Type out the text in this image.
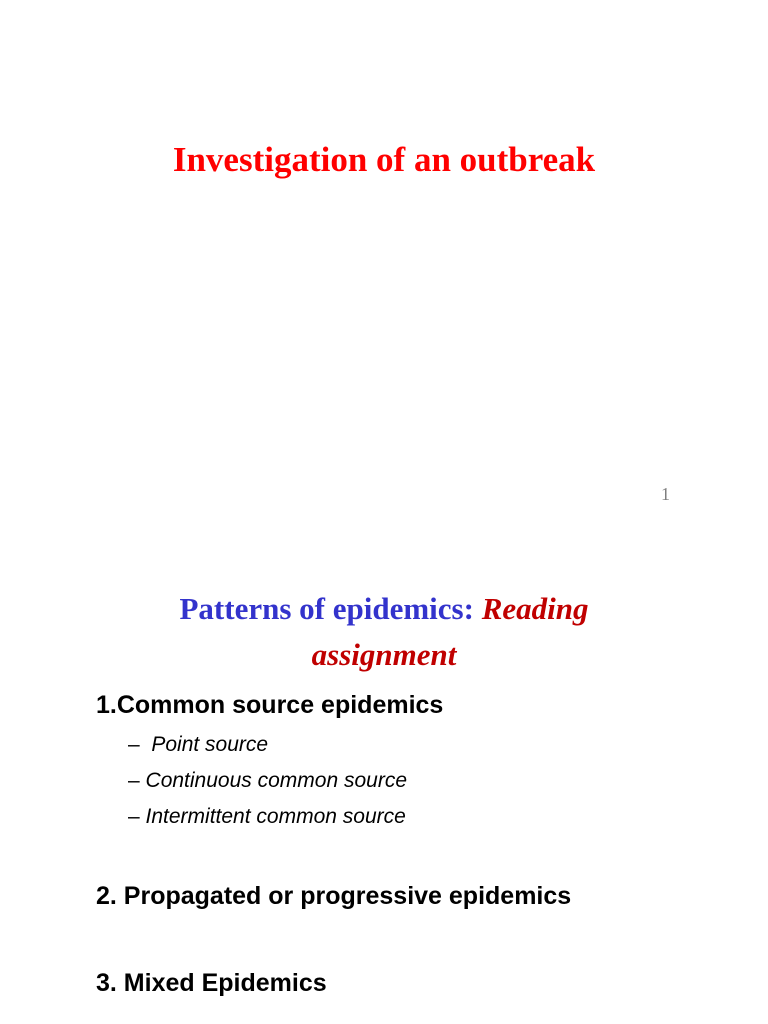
Investigation of an outbreak
1
Patterns of epidemics: Reading
assignment
1.Common source epidemics
– Point source
– Continuous common source
– Intermittent common source
2. Propagated or progressive epidemics
3. Mixed Epidemics
